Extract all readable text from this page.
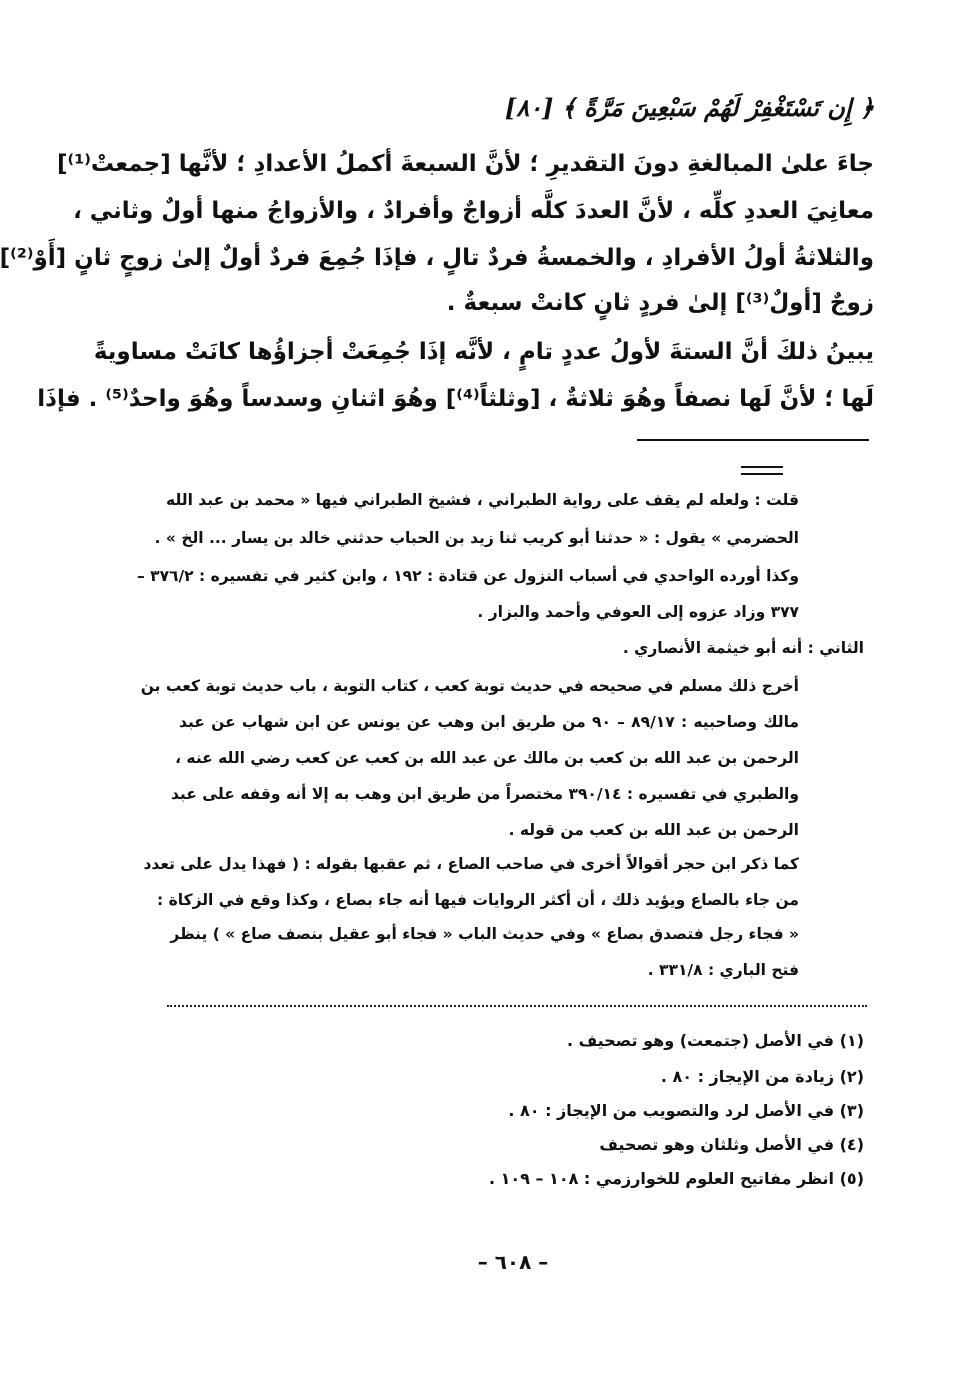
﴿ إِن تَسْتَغْفِرْ لَهُمْ سَبْعِينَ مَرَّةً ﴾ [٨٠]
جاءَ علىٰ المبالغةِ دونَ التقديرِ ؛ لأنَّ السبعةَ أكملُ الأعدادِ ؛ لأنَّها [جمعتْ⁽¹⁾]
معانِيَ العددِ كلِّه ، لأنَّ العددَ كلَّه أزواجٌ وأفرادٌ ، والأزواجُ منها أولٌ وثاني ،
والثلاثةُ أولُ الأفرادِ ، والخمسةُ فردٌ تالٍ ، فإذَا جُمِعَ فردٌ أولٌ إلىٰ زوجٍ ثانٍ [أَوْ⁽²⁾]
زوجٌ [أولٌ⁽³⁾] إلىٰ فردٍ ثانٍ كانتْ سبعةٌ .
يبينُ ذلكَ أنَّ الستةَ لأولُ عددٍ تامٍ ، لأنَّه إذَا جُمِعَتْ أجزاؤُها كانَتْ مساويةً
لَها ؛ لأنَّ لَها نصفاً وهُوَ ثلاثةٌ ، [وثلثاً⁽⁴⁾] وهُوَ اثنانِ وسدساً وهُوَ واحدٌ⁽⁵⁾ . فإذَا
قلت : ولعله لم يقف على رواية الطبراني ، فشيخ الطبراني فيها « محمد بن عبد الله
الحضرمي » يقول : « حدثنا أبو كريب ثنا زيد بن الحباب حدثني خالد بن يسار ... الخ » .
وكذا أورده الواحدي في أسباب النزول عن قتادة : ١٩٢ ، وابن كثير في تفسيره : ٣٧٦/٢ –
٣٧٧ وزاد عزوه إلى العوفي وأحمد والبزار .
الثاني : أنه أبو خيثمة الأنصاري .
أخرج ذلك مسلم في صحيحه في حديث توبة كعب ، كتاب التوبة ، باب حديث توبة كعب بن
مالك وصاحبيه : ٨٩/١٧ – ٩٠ من طريق ابن وهب عن يونس عن ابن شهاب عن عبد
الرحمن بن عبد الله بن كعب بن مالك عن عبد الله بن كعب عن كعب رضي الله عنه ،
والطبري في تفسيره : ٣٩٠/١٤ مختصراً من طريق ابن وهب به إلا أنه وقفه على عبد
الرحمن بن عبد الله بن كعب من قوله .
كما ذكر ابن حجر أقوالاً أخرى في صاحب الصاع ، ثم عقبها بقوله : ( فهذا يدل على تعدد
من جاء بالصاع ويؤيد ذلك ، أن أكثر الروايات فيها أنه جاء بصاع ، وكذا وقع في الزكاة :
« فجاء رجل فتصدق بصاع » وفي حديث الباب « فجاء أبو عقيل بنصف صاع » ) ينظر
فتح الباري : ٣٣١/٨ .
(١) في الأصل (جتمعت) وهو تصحيف .
(٢) زيادة من الإيجاز : ٨٠ .
(٣) في الأصل لرد والتصويب من الإيجاز : ٨٠ .
(٤) في الأصل وثلثان وهو تصحيف
(٥) انظر مفاتيح العلوم للخوارزمي : ١٠٨ – ١٠٩ .
– ٦٠٨ –
